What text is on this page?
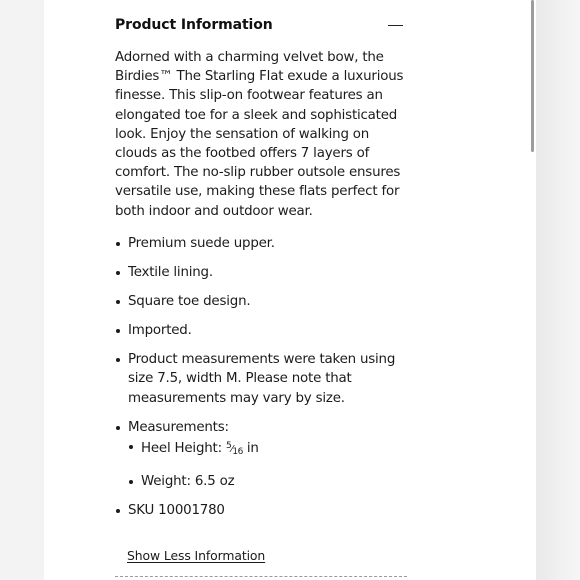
Product Information
Adorned with a charming velvet bow, the Birdies™ The Starling Flat exude a luxurious finesse. This slip-on footwear features an elongated toe for a sleek and sophisticated look. Enjoy the sensation of walking on clouds as the footbed offers 7 layers of comfort. The no-slip rubber outsole ensures versatile use, making these flats perfect for both indoor and outdoor wear.
Premium suede upper.
Textile lining.
Square toe design.
Imported.
Product measurements were taken using size 7.5, width M. Please note that measurements may vary by size.
Measurements:
Heel Height: $^5⁄_{16}$ in
Weight: 6.5 oz
SKU 10001780
Show Less Information
